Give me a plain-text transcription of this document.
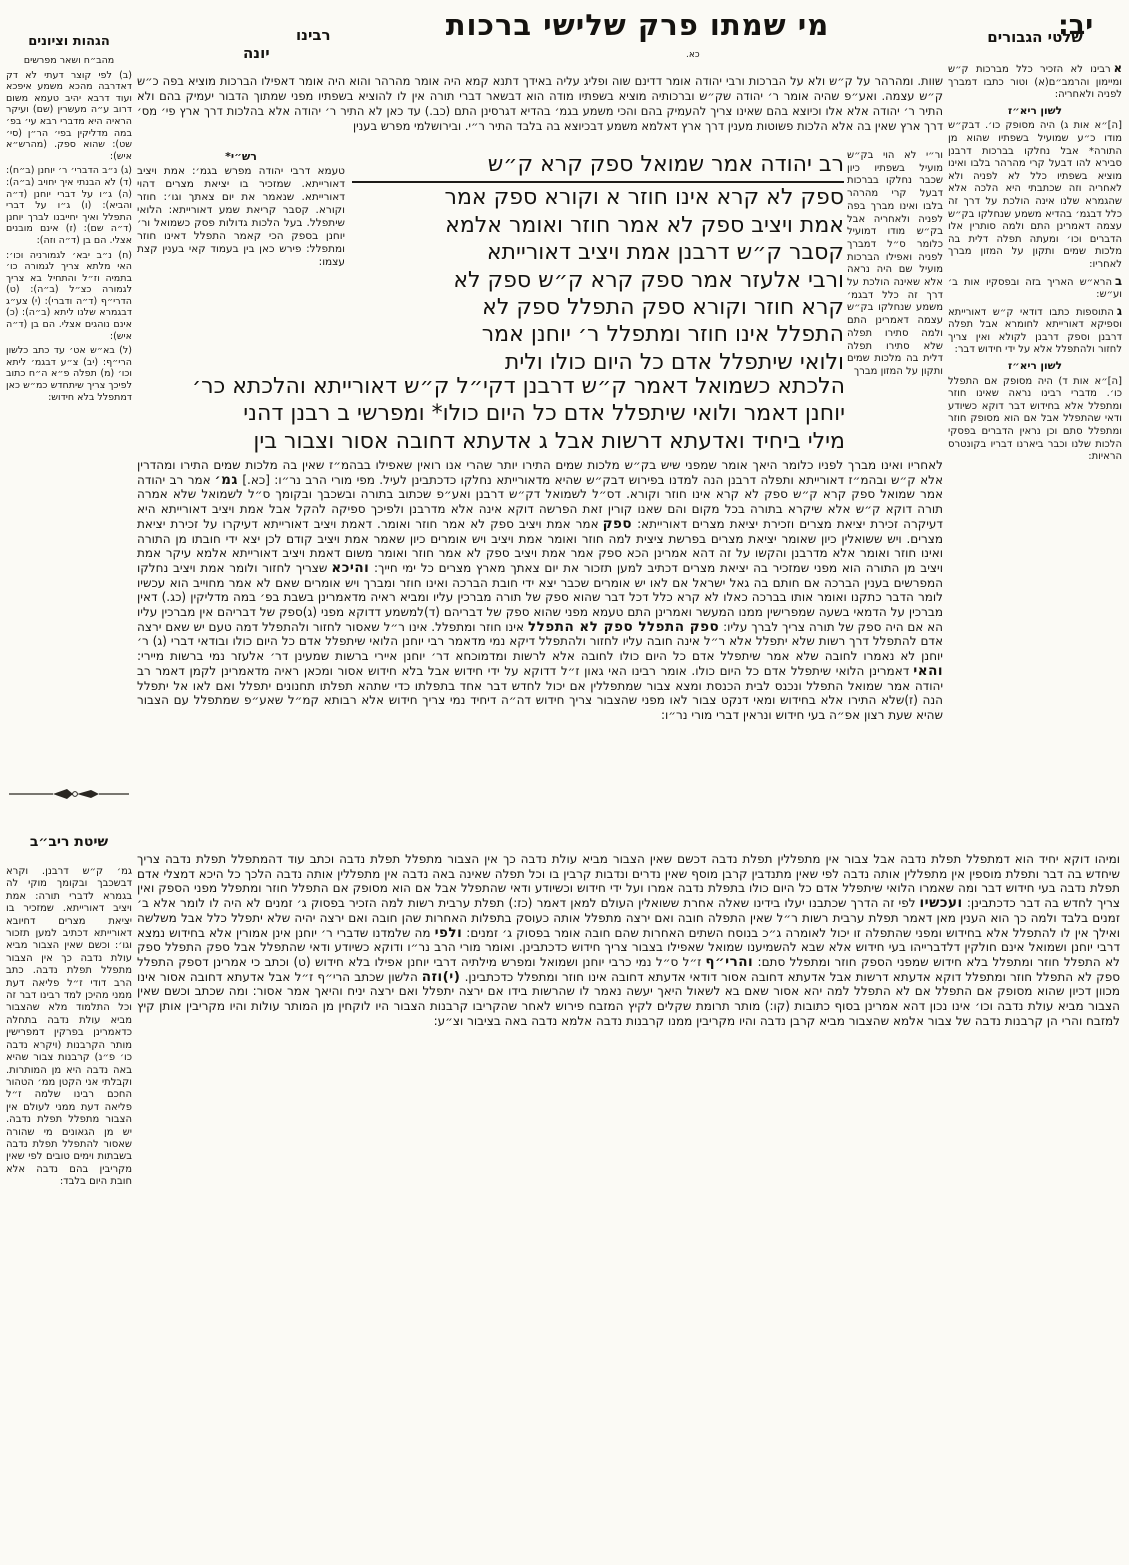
יב:
שלטי הגבורים
מי שמתו פרק שלישי ברכות
רבינו
יונה	כא.
הגהות וציונים

ארבינו לא הזכיר כלל מברכות ק״ש ומיימון והרמב״ם(א) וטור כתבו דמברך לפניה ולאחריה:

לשון ריא״ז

[ה]״א אות ג) היה מסופק כו׳. דבק״ש מודו כ״ע שמועיל בשפתיו שהוא מן התורה* אבל נחלקו בברכות דרבנן סבירא להו דבעל קרי מהרהר בלבו ואינו מוציא בשפתיו כלל לא לפניה ולא לאחריה וזה שכתבתי היא הלכה אלא שהגמרא שלנו אינה הולכת על דרך זה כלל דבגמ׳ בהדיא משמע שנחלקו בק״ש עצמה דאמרינן התם ולמה סותרין אלו הדברים וכו׳ ומעתה תפלה דלית בה מלכות שמים ותקון על המזון מברך לאחריו:

בהרא״ש האריך בזה ובפסקיו אות ב׳ וע״ש:

גהתוספות כתבו דודאי ק״ש דאורייתא וספיקא דאורייתא לחומרא אבל תפלה דרבנן וספק דרבנן לקולא ואין צריך לחזור ולהתפלל אלא על ידי חידוש דבר:

לשון ריא״ז

[ה]״א אות ד) היה מסופק אם התפלל כו׳. מדברי רבינו נראה שאינו חוזר ומתפלל אלא בחידוש דבר דוקא כשיודע ודאי שהתפלל אבל אם הוא מסופק חוזר ומתפלל סתם וכן נראין הדברים בפסקי הלכות שלנו וכבר ביארנו דבריו בקונטרס הראיות:

מהב״ח ושאר מפרשים

(ב) לפי קוצר דעתי לא דק דאדרבה מהכא משמע איפכא ועוד דרבא יהיב טעמא משום דרוב ע״ה מעשרין (שם) ועיקר הראיה היא מדברי רבא עי׳ בפ׳ במה מדליקין בפי׳ הר״ן (סי׳ שט): שהוא ספק. (מהרש״א איש):

(ג) נ״ב הדברי׳ ר׳ יוחנן (ב״ח): (ד) לא הבנתי איך יחויב (ב״ה): (ה) ג״ו על דברי יוחנן (ד״ה והביא): (ו) ג״ו על דברי התפלל ואיך יחייבנו לברך יוחנן (ד״ה שם): (ז) אינם מובנים אצלי. הם בן (ד״ה וזה):

(ח) נ״ב יבא׳ לגמורניה וכו׳: האי מלתא צריך לגמורה כו׳ בתמיה וז״ל והתחיל בא צריך לגמורה כצ״ל (ב״ה): (ט) הדרי״ף (ד״ה ודברי): (י) צע״ג דבגמרא שלנו ליתא (ב״ה): (כ) אינם נוהגים אצלי. הם בן (ד״ה איש):

(ל) בא״ש אט׳ עד כתב כלשון הרי״ף: (יב) צ״ע דבגמ׳ ליתא וכו׳ (מ) תפלה פ״א ה״ח כתוב לפיכך צריך שיתחדש כמ״ש כאן דמתפלל בלא חידוש:

שיטת ריב״ב

גמ׳ ק״ש דרבנן. וקרא דבשכבך ובקומך מוקי לה בגמרא לדברי תורה: אמת ויציב דאורייתא. שמזכיר בו יציאת מצרים דחיובא דאורייתא דכתיב למען תזכור וגו׳: וכשם שאין הצבור מביא עולת נדבה כך אין הצבור מתפלל תפלת נדבה. כתב הרב דודי ז״ל פליאה דעת ממני מהיכן למד רבינו דבר זה וכל התלמוד מלא שהצבור מביא עולת נדבה בתחלה כדאמרינן בפרקין דמפרישין מותר הקרבנות (ויקרא נדבה כו׳ פ״נ) קרבנות צבור שהיא באה נדבה היא מן המותרות. וקבלתי אני הקטן ממ׳ הטהור החכם רבינו שלמה ז״ל פליאה דעת ממני לעולם אין הצבור מתפלל תפלת נדבה. יש מן הגאונים מי שהורה שאסור להתפלל תפלת נדבה בשבתות וימים טובים לפי שאין מקריבין בהם נדבה אלא חובת היום בלבד:

שוות. ומהרהר על ק״ש ולא על הברכות ורבי יהודה אומר דדינם שוה ופליג עליה באידך דתנא קמא היה אומר מהרהר והוא היה אומר דאפילו הברכות מוציא בפה כ״ש ק״ש עצמה. ואע״פ שהיה אומר ר׳ יהודה שק״ש וברכותיה מוציא בשפתיו מודה הוא דבשאר דברי תורה אין לו להוציא בשפתיו מפני שמתוך הדבור יעמיק בהם ולא התיר ר׳ יהודה אלא אלו וכיוצא בהם שאינו צריך להעמיק בהם והכי משמע בגמ׳ בהדיא דגרסינן התם (כב.) עד כאן לא התיר ר׳ יהודה אלא בהלכות דרך ארץ פי׳ מס׳ דרך ארץ שאין בה אלא הלכות פשוטות מענין דרך ארץ דאלמא משמע דבכיוצא בה בלבד התיר ר״י. ובירושלמי מפרש בענין
רש״י*
טעמא דרבי יהודה מפרש בגמ׳: אמת ויציב דאורייתא. שמזכיר בו יציאת מצרים דהוי דאורייתא. שנאמר את יום צאתך וגו׳: חוזר וקורא. קסבר קריאת שמע דאורייתא: הלואי שיתפלל. בעל הלכות גדולות פסק כשמואל ור׳ יוחנן בספק הכי קאמר התפלל דאינו חוזר ומתפלל: פירש כאן בין בעמוד קאי בענין קצת עצמו:
ור״י לא הוי בק״ש מועיל בשפתיו כיון שכבר נחלקו בברכות דבעל קרי מהרהר בלבו ואינו מברך בפה לפניה ולאחריה אבל בק״ש מודו דמועיל כלומר ס״ל דמברך לפניה ואפילו הברכות מועיל שם היה נראה אלא שאינה הולכת על דרך זה כלל דבגמ׳ משמע שנחלקו בק״ש עצמה דאמרינן התם ולמה סתירו תפלה שלא סתירו תפלה דלית בה מלכות שמים ותקון על המזון מברך
רב יהודה אמר שמואל ספק קרא ק״ש
ספק לא קרא אינו חוזר א וקורא ספק אמר
אמת ויציב ספק לא אמר חוזר ואומר אלמא
קסבר ק״ש דרבנן אמת ויציב דאורייתא
ורבי אלעזר אמר ספק קרא ק״ש ספק לא
קרא חוזר וקורא ספק התפלל ספק לא
התפלל אינו חוזר ומתפלל ר׳ יוחנן אמר
ולואי שיתפלל אדם כל היום כולו ולית
הלכתא כשמואל דאמר ק״ש דרבנן דקי״ל ק״ש דאורייתא והלכתא כר׳
יוחנן דאמר ולואי שיתפלל אדם כל היום כולו* ומפרשי ב רבנן דהני
מילי ביחיד ואדעתא דרשות אבל ג אדעתא דחובה אסור וצבור בין

לאחריו ואינו מברך לפניו כלומר היאך אומר שמפני שיש בק״ש מלכות שמים התירו יותר שהרי אנו רואין שאפילו בבהמ״ז שאין בה מלכות שמים התירו ומהדרין אלא ק״ש ובהמ״ז דאורייתא ותפלה דרבנן הנה למדנו בפירוש דבק״ש שהיא מדאורייתא נחלקו כדכתבינן לעיל. מפי מורי הרב נר״ו: [כא.] גמ׳אמר רב יהודה אמר שמואל ספק קרא ק״ש ספק לא קרא אינו חוזר וקורא. דס״ל לשמואל דק״ש דרבנן ואע״פ שכתוב בתורה ובשכבך ובקומך ס״ל לשמואל שלא אמרה תורה דוקא ק״ש אלא שיקרא בתורה בכל מקום והם שאנו קורין זאת הפרשה דוקא אינה אלא מדרבנן ולפיכך ספיקה להקל אבל אמת ויציב דאורייתא היא דעיקרה זכירת יציאת מצרים וזכירת יציאת מצרים דאורייתא: ספקאמר אמת ויציב ספק לא אמר חוזר ואומר. דאמת ויציב דאורייתא דעיקרו על זכירת יציאת מצרים. ויש ששואלין כיון שאומר יציאת מצרים בפרשת ציצית למה חוזר ואומר אמת ויציב ויש אומרים כיון שאמר אמת ויציב קודם לכן יצא ידי חובתו מן התורה ואינו חוזר ואומר אלא מדרבנן והקשו על זה דהא אמרינן הכא ספק אמר אמת ויציב ספק לא אמר חוזר ואומר משום דאמת ויציב דאורייתא אלמא עיקר אמת ויציב מן התורה הוא מפני שמזכיר בה יציאת מצרים דכתיב למען תזכור את יום צאתך מארץ מצרים כל ימי חייך: והיכאשצריך לחזור ולומר אמת ויציב נחלקו המפרשים בענין הברכה אם חותם בה גאל ישראל אם לאו יש אומרים שכבר יצא ידי חובת הברכה ואינו חוזר ומברך ויש אומרים שאם לא אמר מחוייב הוא עכשיו לומר הדבר כתקנו ואומר אותו בברכה כאלו לא קרא כלל דכל דבר שהוא ספק של תורה מברכין עליו ומביא ראיה מדאמרינן בשבת בפ׳ במה מדליקין (כג.) דאין מברכין על הדמאי בשעה שמפרישין ממנו המעשר ואמרינן התם טעמא מפני שהוא ספק של דבריהם (ד)למשמע דדוקא מפני (ג)ספק של דבריהם אין מברכין עליו הא אם היה ספק של תורה צריך לברך עליו: ספק התפלל ספק לא התפללאינו חוזר ומתפלל. אינו ר״ל שאסור לחזור ולהתפלל דמה טעם יש שאם ירצה אדם להתפלל דרך רשות שלא יתפלל אלא ר״ל אינה חובה עליו לחזור ולהתפלל דיקא נמי מדאמר רבי יוחנן הלואי שיתפלל אדם כל היום כולו ובודאי דברי (ג) ר׳ יוחנן לא נאמרו לחובה שלא אמר שיתפלל אדם כל היום כולו לחובה אלא לרשות ומדמוכחא דר׳ יוחנן איירי ברשות שמעינן דר׳ אלעזר נמי ברשות מיירי: והאידאמרינן הלואי שיתפלל אדם כל היום כולו. אומר רבינו האי גאון ז״ל דדוקא על ידי חידוש אבל בלא חידוש אסור ומכאן ראיה מדאמרינן לקמן דאמר רב יהודה אמר שמואל התפלל ונכנס לבית הכנסת ומצא צבור שמתפללין אם יכול לחדש דבר אחד בתפלתו כדי שתהא תפלתו תחנונים יתפלל ואם לאו אל יתפלל הנה (ז)שלא התירו אלא בחידוש ומאי דנקט צבור לאו מפני שהצבור צריך חידוש דה״ה דיחיד נמי צריך חידוש אלא רבותא קמ״ל שאע״פ שמתפלל עם הצבור שהיא שעת רצון אפ״ה בעי חידוש ונראין דברי מורי נר״ו:

ומיהו דוקא יחיד הוא דמתפלל תפלת נדבה אבל צבור אין מתפללין תפלת נדבה דכשם שאין הצבור מביא עולת נדבה כך אין הצבור מתפלל תפלת נדבה וכתב עוד דהמתפלל תפלת נדבה צריך שיחדש בה דבר ותפלת מוספין אין מתפללין אותה נדבה לפי שאין מתנדבין קרבן מוסף שאין נדרים ונדבות קרבין בו וכל תפלה שאינה באה נדבה אין מתפללין אותה נדבה הלכך כל היכא דמצלי אדם תפלת נדבה בעי חידוש דבר ומה שאמרו הלואי שיתפלל אדם כל היום כולו בתפלת נדבה אמרו ועל ידי חידוש וכשיודע ודאי שהתפלל אבל אם הוא מסופק אם התפלל חוזר ומתפלל מפני הספק ואין צריך לחדש בה דבר כדכתבינן: ועכשיולפי זה הדרך שכתבנו יעלו בידינו שאלה אחרת ששואלין העולם למאן דאמר (כז:) תפלת ערבית רשות למה הזכיר בפסוק ג׳ זמנים לא היה לו לומר אלא ב׳ זמנים בלבד ולמה כך הוא הענין מאן דאמר תפלת ערבית רשות ר״ל שאין התפלה חובה ואם ירצה מתפלל אותה כעוסק בתפלות האחרות שהן חובה ואם ירצה יהיה שלא יתפלל כלל אבל משלשה ואילך אין לו להתפלל אלא בחידוש ומפני שהתפלה זו יכול לאומרה ג״כ בנוסח השתים האחרות שהם חובה אומר בפסוק ג׳ זמנים: ולפימה שלמדנו שדברי ר׳ יוחנן אינן אמורין אלא בחידוש נמצא דרבי יוחנן ושמואל אינם חולקין דלדברייהו בעי חידוש אלא שבא להשמיענו שמואל שאפילו בצבור צריך חידוש כדכתבינן. ואומר מורי הרב נר״ו ודוקא כשיודע ודאי שהתפלל אבל ספק התפלל ספק לא התפלל חוזר ומתפלל בלא חידוש שמפני הספק חוזר ומתפלל סתם: והרי״ףז״ל ס״ל נמי כרבי יוחנן ושמואל ומפרש מילתיה דרבי יוחנן אפילו בלא חידוש (ט) וכתב כי אמרינן דספק התפלל ספק לא התפלל חוזר ומתפלל דוקא אדעתא דרשות אבל אדעתא דחובה אסור דודאי אדעתא דחובה אינו חוזר ומתפלל כדכתבינן. (י)וזההלשון שכתב הרי״ף ז״ל אבל אדעתא דחובה אסור אינו מכוון דכיון שהוא מסופק אם התפלל אם לא התפלל למה יהא אסור שאם בא לשאול היאך יעשה נאמר לו שהרשות בידו אם ירצה יתפלל ואם ירצה יניח והיאך אמר אסור: ומה שכתב וכשם שאין הצבור מביא עולת נדבה וכו׳ אינו נכון דהא אמרינן בסוף כתובות (קו:) מותר תרומת שקלים לקיץ המזבח פירוש לאחר שהקריבו קרבנות הצבור היו לוקחין מן המותר עולות והיו מקריבין אותן קיץ למזבח והרי הן קרבנות נדבה של צבור אלמא שהצבור מביא קרבן נדבה והיו מקריבין ממנו קרבנות נדבה אלמא נדבה באה בציבור וצ״ע:
